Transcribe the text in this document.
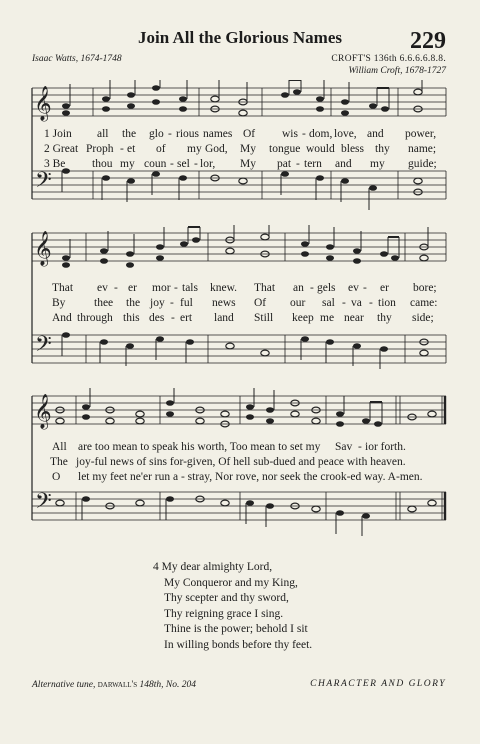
Join All the Glorious Names	229
Isaac Watts, 1674-1748	CROFT'S 136th 6.6.6.6.8.8.
William Croft, 1678-1727
𝄞
𝄢
1 Join all the glo - rious names Of wis - dom, love, and power,
2 Great Proph - et of my God, My tongue would bless thy name;
3 Be thou my coun - sel - lor, My pat - tern and my guide;
𝄞
𝄢
That ev - er mor - tals knew. That an - gels ev - er bore;
By thee the joy - ful news Of our sal - va - tion came:
And through this des - ert land Still keep me near thy side;
𝄞
𝄢
All are too mean to speak his worth, Too mean to set my Sav - ior forth.
The joy-ful news of sins for-given, Of hell sub-dued and peace with heaven.
O let my feet ne'er run a - stray, Nor rove, nor seek the crook-ed way. A-men.
4 My dear almighty Lord,
My Conqueror and my King,
Thy scepter and thy sword,
Thy reigning grace I sing.
Thine is the power; behold I sit
In willing bonds before thy feet.
Alternative tune, darwall's 148th, No. 204	CHARACTER AND GLORY
